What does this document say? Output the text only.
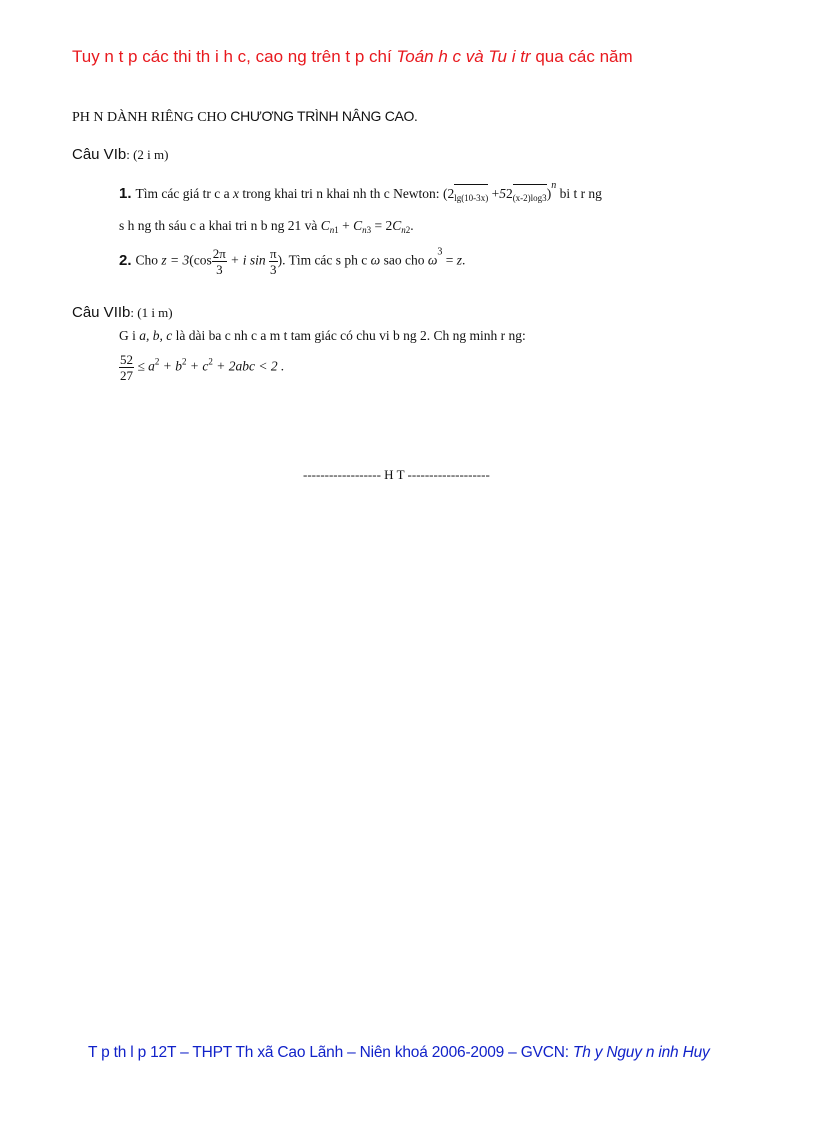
Tuy n t p các thi th i h c, cao ng trên t p chí Toán h c và Tu i tr qua các năm
PH N DÀNH RIÊNG CHO CHƯƠNG TRÌNH NÂNG CAO.
Câu VIb: (2 i m)
1. Tìm các giá tr c a x trong khai tri n khai nh th c Newton: $(2_{lg(10-3x)} +52_{(x-2)log3})^n$ bi t r ng
s h ng th sáu c a khai tri n b ng 21 và $C_{n1} + C_{n3} = 2C_{n2}$.
2. Cho $z = 3(\cos \frac{2\pi}{3} + i$ $\sin \frac{\pi}{3}$ ). Tìm các s ph c ω sao cho $\omega^3 = z$.
Câu VIIb: (1 i m)
G i a, b, c là dài ba c nh c a m t tam giác có chu vi b ng 2. Ch ng minh r ng:
$\frac{52}{27} \le a^2 + b^2 + c^2 + 2abc < 2$ .
------------------ H T -------------------
T p th l p 12T – THPT Th xã Cao Lãnh – Niên khoá 2006-2009 – GVCN: Th y Nguy n inh Huy
